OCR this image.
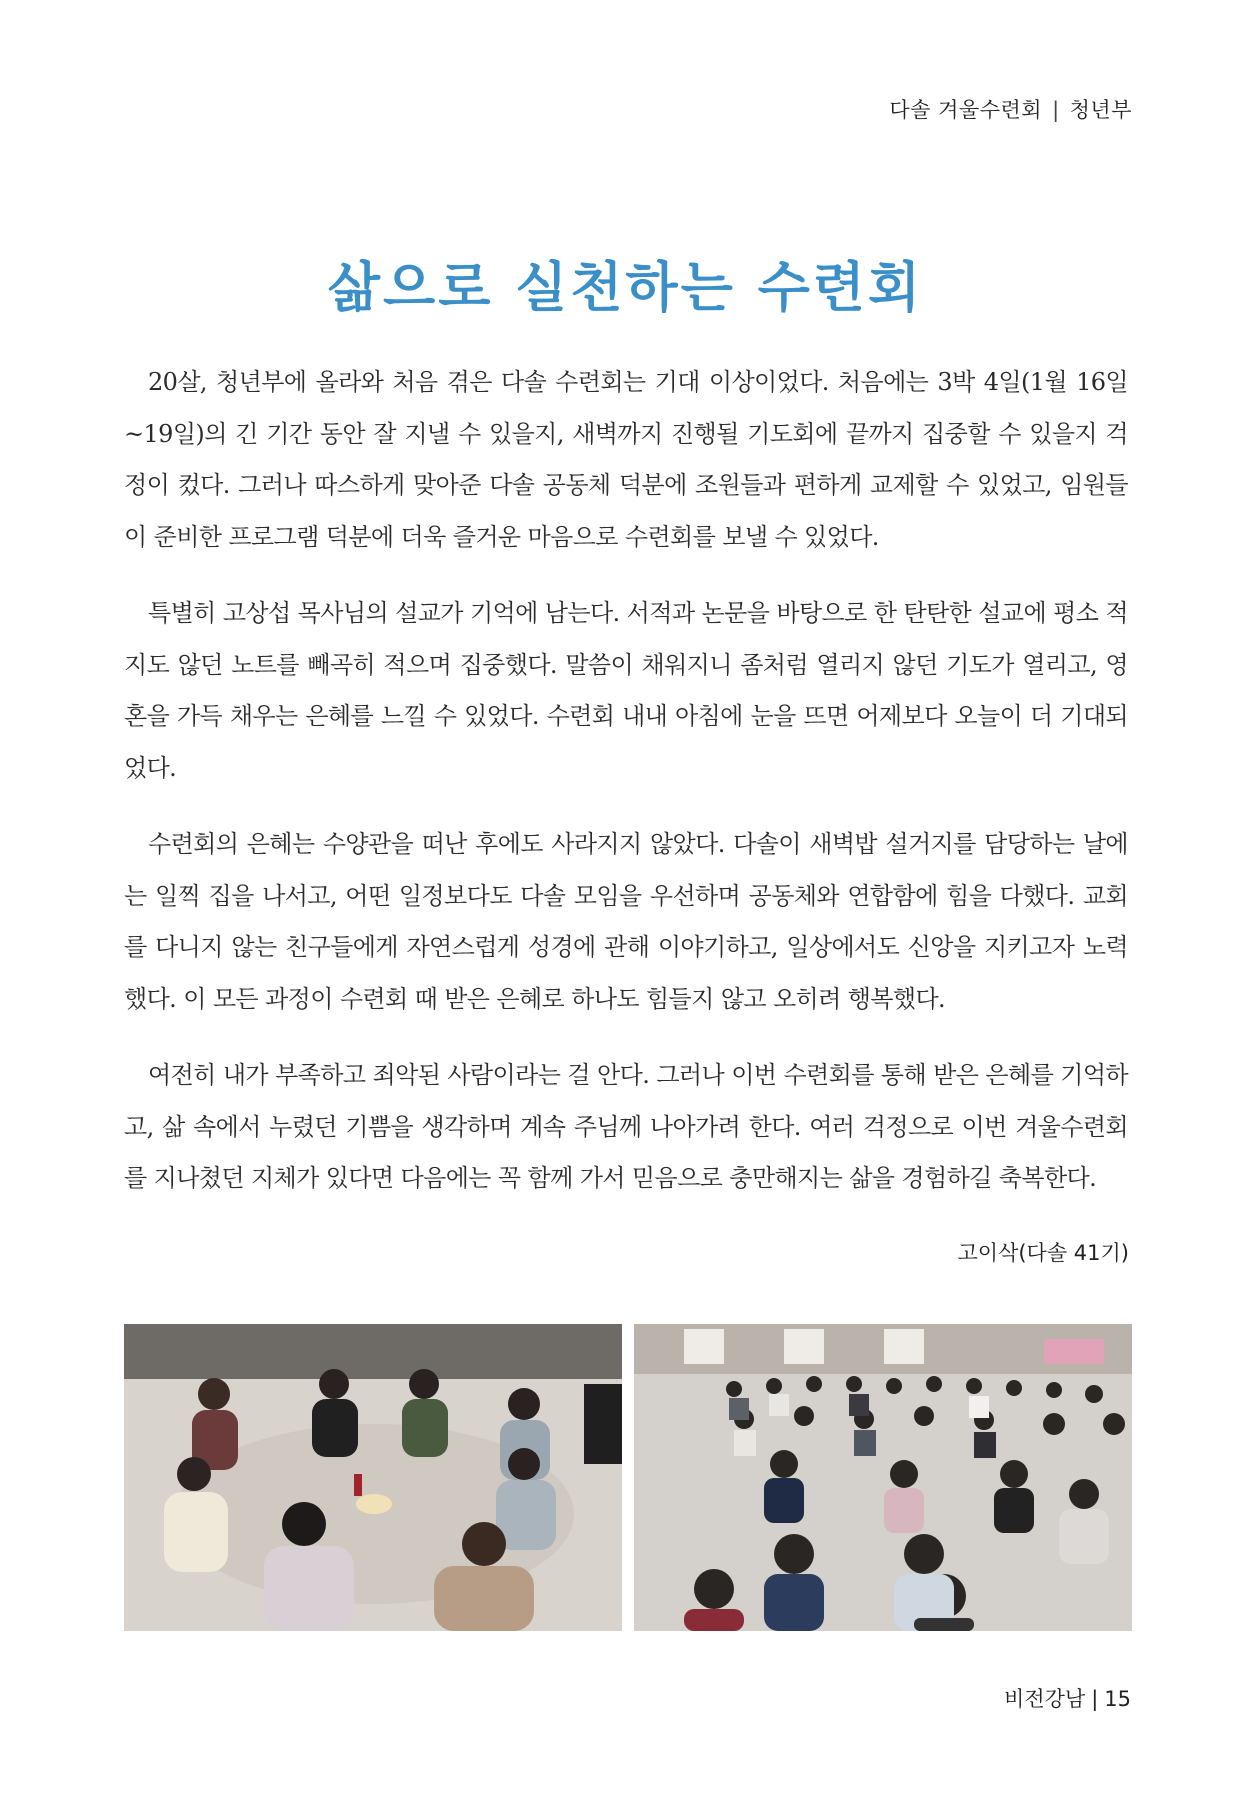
다솔 겨울수련회 | 청년부
삶으로 실천하는 수련회

20살, 청년부에 올라와 처음 겪은 다솔 수련회는 기대 이상이었다. 처음에는 3박 4일(1월 16일~19일)의 긴 기간 동안 잘 지낼 수 있을지, 새벽까지 진행될 기도회에 끝까지 집중할 수 있을지 걱정이 컸다. 그러나 따스하게 맞아준 다솔 공동체 덕분에 조원들과 편하게 교제할 수 있었고, 임원들이 준비한 프로그램 덕분에 더욱 즐거운 마음으로 수련회를 보낼 수 있었다.

특별히 고상섭 목사님의 설교가 기억에 남는다. 서적과 논문을 바탕으로 한 탄탄한 설교에 평소 적지도 않던 노트를 빼곡히 적으며 집중했다. 말씀이 채워지니 좀처럼 열리지 않던 기도가 열리고, 영혼을 가득 채우는 은혜를 느낄 수 있었다. 수련회 내내 아침에 눈을 뜨면 어제보다 오늘이 더 기대되었다.

수련회의 은혜는 수양관을 떠난 후에도 사라지지 않았다. 다솔이 새벽밥 설거지를 담당하는 날에는 일찍 집을 나서고, 어떤 일정보다도 다솔 모임을 우선하며 공동체와 연합함에 힘을 다했다. 교회를 다니지 않는 친구들에게 자연스럽게 성경에 관해 이야기하고, 일상에서도 신앙을 지키고자 노력했다. 이 모든 과정이 수련회 때 받은 은혜로 하나도 힘들지 않고 오히려 행복했다.

여전히 내가 부족하고 죄악된 사람이라는 걸 안다. 그러나 이번 수련회를 통해 받은 은혜를 기억하고, 삶 속에서 누렸던 기쁨을 생각하며 계속 주님께 나아가려 한다. 여러 걱정으로 이번 겨울수련회를 지나쳤던 지체가 있다면 다음에는 꼭 함께 가서 믿음으로 충만해지는 삶을 경험하길 축복한다.

고이삭(다솔 41기)
비전강남 | 15
